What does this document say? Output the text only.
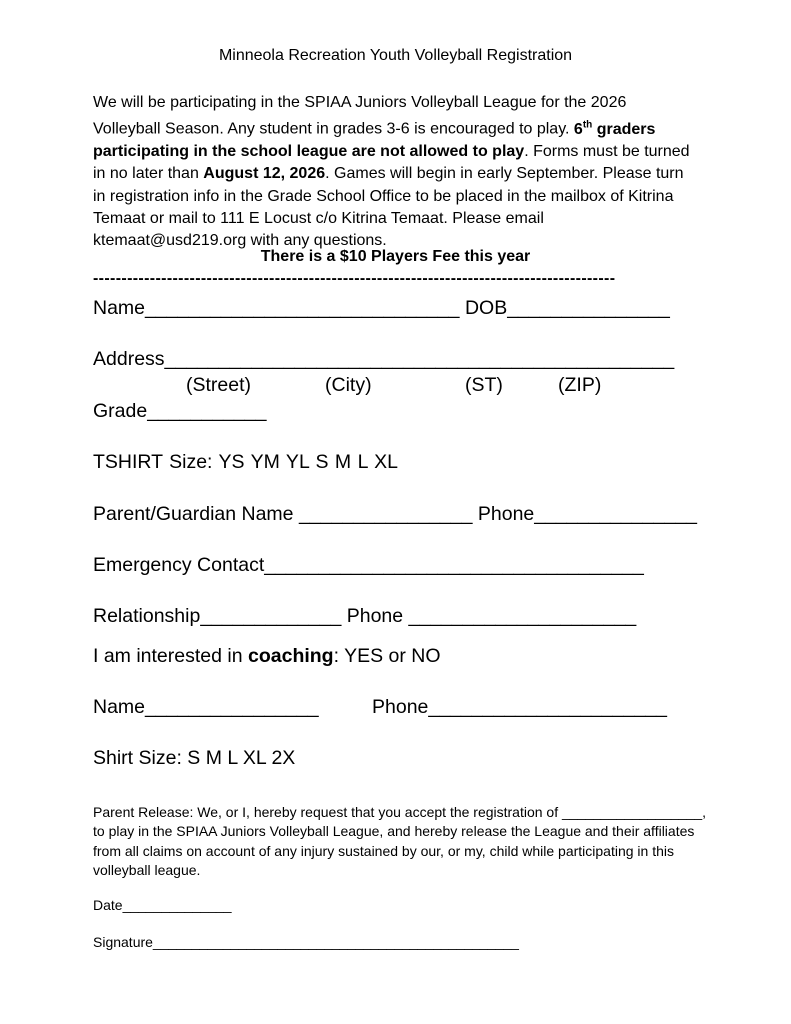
Minneola Recreation Youth Volleyball Registration
We will be participating in the SPIAA Juniors Volleyball League for the 2026 Volleyball Season. Any student in grades 3-6 is encouraged to play. 6th graders participating in the school league are not allowed to play. Forms must be turned in no later than August 12, 2026. Games will begin in early September. Please turn in registration info in the Grade School Office to be placed in the mailbox of Kitrina Temaat or mail to 111 E Locust c/o Kitrina Temaat. Please email ktemaat@usd219.org with any questions.
There is a $10 Players Fee this year
--------------------------------------------------------------------------------------------
Name_____________________________ DOB_______________
Address_______________________________________________
(Street)	(City)	(ST)	(ZIP)
Grade___________
TSHIRT Size: YS YM YL S M L XL
Parent/Guardian Name ________________ Phone_______________
Emergency Contact___________________________________
Relationship_____________ Phone _____________________
I am interested in coaching: YES or NO
Name________________	Phone______________________
Shirt Size: S M L XL 2X
Parent Release: We, or I, hereby request that you accept the registration of __________________, to play in the SPIAA Juniors Volleyball League, and hereby release the League and their affiliates from all claims on account of any injury sustained by our, or my, child while participating in this volleyball league.
Date______________
Signature_______________________________________________
